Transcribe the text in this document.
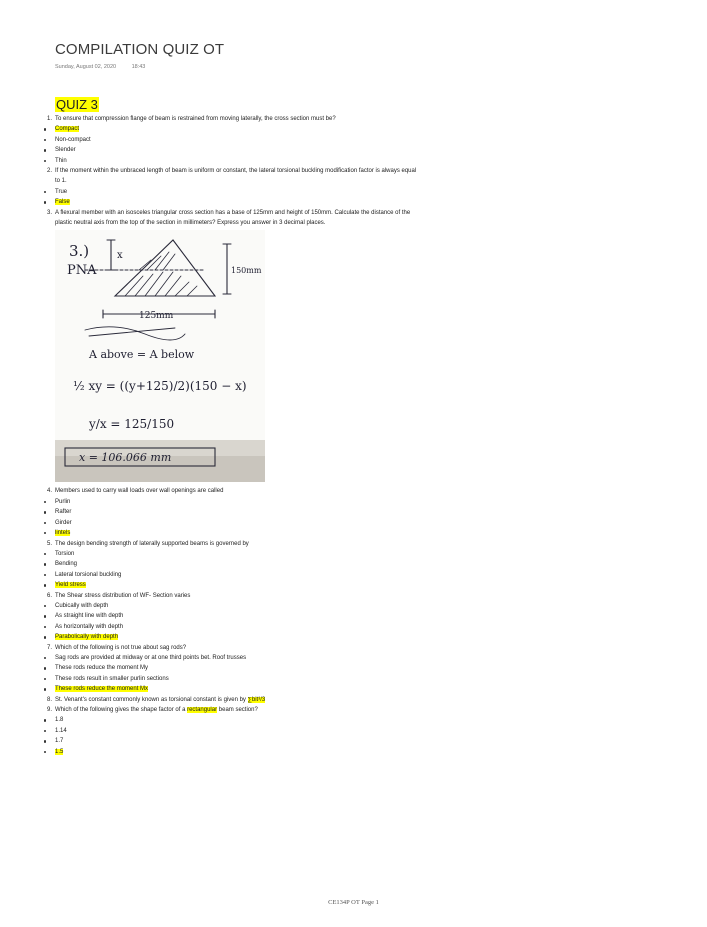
COMPILATION QUIZ OT
Sunday, August 02, 2020	18:43
QUIZ 3
1. To ensure that compression flange of beam is restrained from moving laterally, the cross section must be?
Compact
Non-compact
Slender
Thin
2. If the moment within the unbraced length of beam is uniform or constant, the lateral torsional buckling modification factor is always equal to 1.
True
False
3. A flexural member with an isosceles triangular cross section has a base of 125mm and height of 150mm. Calculate the distance of the plastic neutral axis from the top of the section in millimeters? Express you answer in 3 decimal places.
3.)
PNA
x
150mm
125mm
A above = A below
½ xy = ((y+125)/2)(150 − x)
y/x = 125/150
x = 106.066 mm
4. Members used to carry wall loads over wall openings are called
Purlin
Rafter
Girder
lintels
5. The design bending strength of laterally supported beams is governed by
Torsion
Bending
Lateral torsional buckling
Yield stress
6. The Shear stress distribution of WF- Section varies
Cubically with depth
As straight line with depth
As horizontally with depth
Parabolically with depth
7. Which of the following is not true about sag rods?
Sag rods are provided at midway or at one third points bet. Roof trusses
These rods reduce the moment My
These rods result in smaller purlin sections
These rods reduce the moment Mx
8. St. Venant's constant commonly known as torsional constant is given by ∑bit³/3
9. Which of the following gives the shape factor of a rectangular beam section?
1.8
1.14
1.7
1.5
CE134P OT Page 1
